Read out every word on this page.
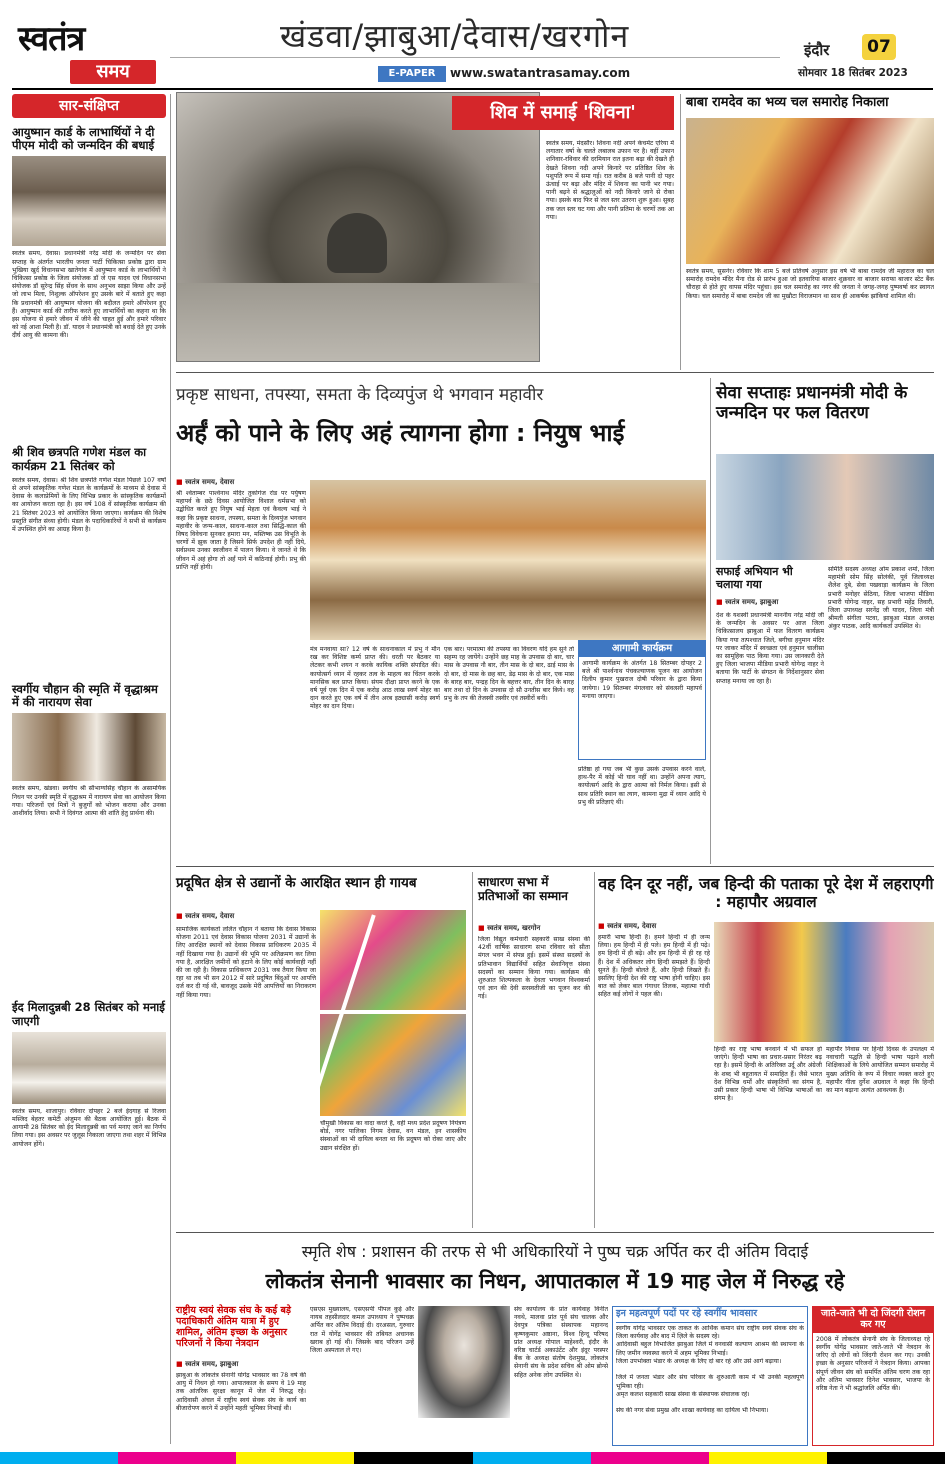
स्वतंत्र
समय
खंडवा/झाबुआ/देवास/खरगोन
E-PAPER	www.swatantrasamay.com
इंदौर	07
सोमवार 18 सितंबर 2023
सार-संक्षिप्त
आयुष्मान कार्ड के लाभार्थियों ने दी पीएम मोदी को जन्मदिन की बधाई
स्वतंत्र समय, देवास। प्रधानमंत्री नरेंद्र मोदी के जन्मदिन पर सेवा सप्ताह के अंतर्गत भारतीय जनता पार्टी चिकित्सा प्रकोष्ठ द्वारा ग्राम भुखिया खुर्द विधानसभा खातेगांव में आयुष्मान कार्ड के लाभार्थियों ने चिकित्सा प्रकोष्ठ के जिला संयोजक डॉ जे एस यादव एवं विधानसभा संयोजक डॉ सुरेन्द्र सिंह सेंधव के साथ अनुभव साझा किया और उन्हें जो लाभ मिला, निशुल्क ऑपरेशन हुए उसके बारे में बताते हुए कहा कि प्रधानमंत्री की आयुष्मान योजना की बदौलत हमारे ऑपरेशन हुए हैं। आयुष्मान कार्ड की तारीफ करते हुए लाभार्थियों का कहना था कि इस योजना से हमारे जीवन में जीने की चाहत हुई और हमारे परिवार को नई आशा मिली है। डॉ. यादव ने प्रधानमंत्री को बधाई देते हुए उनके दीर्घ आयु की कामना की।
श्री शिव छत्रपति गणेश मंडल का कार्यक्रम 21 सितंबर को
स्वतंत्र समय, देवास। श्री शिव छत्रपति गणेश मंडल पिछले 107 वर्षों से अपने सांस्कृतिक गणेश मंडल के कार्यक्रमों के माध्यम से देवास में देवास के कलाप्रेमियों के लिए विभिन्न प्रकार के सांस्कृतिक कार्यक्रमों का आयोजन करता रहा है। इस वर्ष 108 वें सांस्कृतिक कार्यक्रम की 21 सितंबर 2023 को आयोजित किया जाएगा। कार्यक्रम की विशेष प्रस्तुति संगीत संध्या होगी। मंडल के पदाधिकारियों ने सभी से कार्यक्रम में उपस्थित होने का आग्रह किया है।
स्वर्गीय चौहान की स्मृति में वृद्धाश्रम में की नारायण सेवा
स्वतंत्र समय, खंडवा। स्वर्गीय श्री सौभाग्यसिंह चौहान के असामयिक निधन पर उनकी स्मृति में वृद्धाश्रम में नारायण सेवा का आयोजन किया गया। परिजनों एवं मित्रों ने बुजुर्गों को भोजन कराया और उनका आशीर्वाद लिया। सभी ने दिवंगत आत्मा की शांति हेतु प्रार्थना की।
ईद मिलादुन्नबी 28 सितंबर को मनाई जाएगी
स्वतंत्र समय, शाजापुर। रविवार दोपहर 2 बजे ईदगाह से रिजवा मस्जिद बेहतर कमेटी अंजुमन की बैठक आयोजित हुई। बैठक में आगामी 28 सितंबर को ईद मिलादुन्नबी का पर्व मनाए जाने का निर्णय लिया गया। इस अवसर पर जुलूस निकाला जाएगा तथा शहर में विभिन्न आयोजन होंगे।
शिव में समाई 'शिवना'
स्वतंत्र समय, मंदसौर। शिवना नदी अपने केचमेंट एरिया में लगातार वर्षा के चलते लबालब उफान पर है। वहीं उफान शनिवार-रविवार की दरमियान रात इतना बढ़ा की देखते ही देखते शिवना नदी अपने किनारे पर प्रतिष्ठित शिव के पशुपति रूप में समा गई। रात करीब 8 बजे पानी दो पहर ऊंचाई पर बढ़ा और मंदिर में शिवना का पानी भर गया। पानी बढ़ने से श्रद्धालुओं को नदी किनारे जाने से रोका गया। इसके बाद फिर से जल स्तर उतरना शुरू हुआ। सुबह तक जल स्तर घट गया और पानी प्रतिमा के चरणों तक आ गया।
बाबा रामदेव का भव्य चल समारोह निकाला
स्वतंत्र समय, सुसनेर। रविवार कि शाम 5 बजे प्रतिवर्ष अनुसार इस वर्ष भी बाबा रामदेव जी महाराज का चल समारोह रामदेव मंदिर मैना रोड से प्रारंभ हुआ जो इतवारिया बाजार शुक्रवार वा बाजार सराफा बाजार स्टेट बैंक चौराहा से होते हुए वापस मंदिर पहुंचा। इस चल समारोह का नगर की जनता ने जगह-जगह पुष्पवर्षा कर स्वागत किया। चल समारोह में बाबा रामदेव जी का मुखौटा विराजमान था साथ ही आकर्षक झांकियां शामिल थी।
प्रकृष्ट साधना, तपस्या, समता के दिव्यपुंज थे भगवान महावीर
अर्हं को पाने के लिए अहं त्यागना होगा : नियुष भाई
■ स्वतंत्र समय, देवास
श्री श्वेताम्बर पार्श्वनाथ मंदिर तुकोगंज रोड पर पर्युषण महापर्व के छठे दिवस आयोजित विशाल धर्मसभा को उद्बोधित करते हुए नियुष भाई मेहता एवं कैवल्य भाई ने कहा कि प्रकृष्ट साधना, तपस्या, समता के दिव्यपुंज भगवान महावीर के जन्म-काल, साधना-काल तथा सिद्धि-काल की विषद विवेचना सुनकर हमारा मन, मस्तिष्क उस विभूति के चरणों में झुक जाता है जिसने सिर्फ उपदेश ही नहीं दिये, सर्वप्रथम उनका स्वजीवन में पालन किया। वे जानते थे कि जीवन में अहं होगा तो अर्हं पाने में कठिनाई होगी। प्रभु की प्राप्ति नहीं होगी।
मंत्र मनवाया सा? 12 वर्ष के साधनाकाल में प्रभु ने मौन रख कर विशिष्ट कर्म्य प्राप्त की। धरती पर बैठकर या लेटकर कभी शयन न करके कायिक शक्ति संपादित की। कायोत्सर्ग ध्यान में रहकर तत्व के माहत्य का चिंतन करके मानसिक बल प्राप्त किया। संयम दीक्षा प्राप्त करने के एक वर्ष पूर्व एक दिन में एक करोड़ आठ लाख स्वर्ण मोहर का दान करते हुए एक वर्ष में तीन अरब इठ्यासी करोड़ स्वर्ण मोहर का दान दिया।
एक बार। परमात्मा की तपस्या का विवरण यदि हम सुने तो सहम्य रह जायेंगे। उन्होंने छह माह के उपवास दो बार, चार मास के उपवास नौ बार, तीन मास के दो बार, ढाई मास के दो बार, दो मास के छह बार, डेढ़ मास के दो बार, एक मास के बारह बार, पन्द्रह दिन के बहत्तर बार, तीन दिन के बारह बार तथा दो दिन के उपवास दो सौ उनतीस बार किये। वह प्रभु के तप की तेजस्वी तस्वीर एवं तस्वीरों बनी।
आगामी कार्यक्रम
आगामी कार्यक्रम के अंतर्गत 18 सितम्बर दोपहर 2 बजे श्री पार्श्वनाथ पंचकल्याणक पूजन का आयोजन दिलीप कुमार पुखराज दोषी परिवार के द्वारा किया जायेगा। 19 सितम्बर मंगलवार को संवत्सरी महापर्व मनाया जाएगा।
प्रतिष्ठा हो गया जब भी कुछ उसके उपवास करने वाले, हाथ-पैर में कोई भी घाव नहीं था। उन्होंने अपना त्याग, कायोत्सर्ग आदि के द्वारा आत्मा को निर्मल किया। इसी से साथ प्रतिरि स्थान का त्याग, कामना मुद्रा में ध्यान आदि ये प्रभु की प्रतिज्ञाएं थी।
सेवा सप्ताहः प्रधानमंत्री मोदी के जन्मदिन पर फल वितरण
सफाई अभियान भी चलाया गया
■ स्वतंत्र समय, झाबुआ
देश के यशस्वी प्रधानमंत्री माननीय नरेंद्र मोदी जी के जन्मदिन के अवसर पर आज जिला चिकित्सालय झाबुआ में फल वितरण कार्यक्रम किया गया तत्पश्चात जिले, बगीचा हनुमान मंदिर पर जाकर मंदिर में स्वच्छता एवं हनुमान चालीसा का सामूहिक पाठ किया गया। उस जानकारी देते हुए जिला भाजपा मीडिया प्रभारी योगेन्द्र नाहर ने बताया कि पार्टी के संगठन के निर्देशानुसार सेवा सप्ताह मनाया जा रहा है।
समिति सदस्य अध्यक्ष ओम प्रकाश शर्मा, जिला महामंत्री सोम सिंह सोलंकी, पूर्व जिलाध्यक्ष शैलेश दुबे, सेवा पखवाड़ा कार्यक्रम के जिला प्रभारी मनोहर सेठिया, जिला भाजपा मीडिया प्रभारी योगेन्द्र नाहर, सह प्रभारी महेंद्र तिवारी, जिला उपाध्यक्ष सरनेंद्र जी यादव, जिला मंत्री श्रीमती संगीता पटवा, झाबुआ मंडल अध्यक्ष अंकुर पाठक, आदि कार्यकर्ता उपस्थित थे।
प्रदूषित क्षेत्र से उद्यानों के आरक्षित स्थान ही गायब
■ स्वतंत्र समय, देवास
सामाजिक कार्यकर्ता ललित चौहान ने बताया कि देवास विकास योजना 2011 एवं देवास विकास योजना 2031 में उद्यानों के लिए आरक्षित स्थानों को देवास विकास प्राधिकरण 2035 में नहीं दिखाया गया है। उद्यानों की भूमि पर अतिक्रमण कर लिया गया है, आरक्षित जमीनों को हटाने के लिए कोई कार्यवाही नहीं की जा रही है। विकास प्राधिकरण 2031 जब तैयार किया जा रहा था तब भी सन 2012 में सारे प्रदूषित बिंदुओं पर आपत्ति दर्ज कर दी गई थी, बावजूद उसके मेरी आपत्तियों का निराकरण नहीं किया गया।
चौमुखी विकास का वादा करते हैं, वहीं मध्य प्रदेश प्रदूषण नियंत्रण बोर्ड, नगर पालिका निगम देवास, वन मंडल, इन शासकीय संस्थाओं का भी दायित्व बनता था कि प्रदूषण को रोका जाए और उद्यान संरक्षित हों।
साधारण सभा में प्रतिभाओं का सम्मान
■ स्वतंत्र समय, खरगोन
जिला विद्युत कर्मचारी सहकारी साख संस्था की 42वीं वार्षिक साधारण सभा रविवार को सीता मंगल भवन में संपन्न हुई। इसमें संस्था सदस्यों के प्रतिभावान विद्यार्थियों सहित सेवानिवृत्त संस्था सदस्यों का सम्मान किया गया। कार्यक्रम की शुरुआत शिल्पकला के देवता भगवान विश्वकर्मा एवं ज्ञान की देवी सरस्वतीजी का पूजन कर की गई।
वह दिन दूर नहीं, जब हिन्दी की पताका पूरे देश में लहराएगी : महापौर अग्रवाल
■ स्वतंत्र समय, देवास
हमारी भाषा हिन्दी है। हमने हिन्दी में ही जन्म लिया। हम हिन्दी में ही पले। हम हिन्दी में ही पढ़े। हम हिन्दी में ही बढ़े। और हम हिन्दी में ही रह रहे हैं। देश में अधिकतर लोग हिन्दी समझते हैं। हिन्दी सुनते हैं। हिन्दी बोलते हैं, और हिन्दी लिखते हैं। इसलिए हिन्दी देश की राष्ट्र भाषा होनी चाहिए। इस बात को लेकर बाल गंगाधर तिलक, महात्मा गांधी सहित कई लोगों ने पहल की।
हिन्दी का राष्ट्र भाषा बनवाने में भी सफल हो जाएंगे। हिन्दी भाषा का प्रचार-प्रसार निरंतर बढ़ रहा है। इसमें हिन्दी के अतिरिक्त उर्दू और अंग्रेजी के शब्द भी बहुतायत में समाहित हैं। जैसे भारत देश विभिन्न धर्मों और संस्कृतियों का संगम है, उसी प्रकार हिन्दी भाषा भी विभिन्न भाषाओं का संगम है।
महापौर निवास पर हिन्दी दिवस के उपलक्ष्य में नवाचारी पद्धति से हिन्दी भाषा पढ़ाने वाली शिक्षिकाओं के लिये आयोजित सम्मान समारोह में मुख्य अतिथि के रूप में विचार व्यक्त करते हुए महापौर गीता दुर्गेश अग्रवाल ने कहा कि हिन्दी का मान बढ़ाना अत्यंत आवश्यक है।
स्मृति शेष : प्रशासन की तरफ से भी अधिकारियों ने पुष्प चक्र अर्पित कर दी अंतिम विदाई
लोकतंत्र सेनानी भावसार का निधन, आपातकाल में 19 माह जेल में निरुद्ध रहे
राष्ट्रीय स्वयं सेवक संघ के कई बड़े पदाधिकारी अंतिम यात्रा में हुए शामिल, अंतिम इच्छा के अनुसार परिजनों ने किया नेत्रदान
■ स्वतंत्र समय, झाबुआ
झाबुआ के लोकतंत्र सेनानी योगेंद्र भावसार का 78 वर्ष की आयु में निधन हो गया। आपातकाल के समय वे 19 माह तक आंतरिक सुरक्षा कानून में जेल में निरुद्ध रहे। आदिवासी अंचल में राष्ट्रीय स्वयं सेवक संघ के कार्य का बीजारोपण करने में उन्होंने महती भूमिका निभाई थी।
एसएस मुख्यालय, एसएसपी पीपल कुई और नायब तहसीलदार कमल उपाध्याय ने पुष्पचक्र अर्पित कर अंतिम विदाई दी। दरअसल, गुरुवार रात में योगेंद्र भावसार की तबियत अचानक खराब हो गई थी। जिसके बाद परिजन उन्हें जिला अस्पताल ले गए।
संघ कार्यालय के प्रांत कार्यवाह विनीत नवथे, मालवा प्रांत पूर्व संघ चालक और देवपुत्र पत्रिका संस्थापक महानन्द कृष्णकुमार अष्ठाना, विश्व हिन्दू परिषद प्रांत अध्यक्ष गोपाल माहेश्वरी, इंदौर के वरिष्ठ चार्टर्ड अकाउंटेंट और इंदूर परस्पर बैंक के अध्यक्ष संतोष देशमुख, लोकतंत्र सेनानी संघ के प्रदेश सचिव श्री ओम ब्रोन्से सहित अनेक लोग उपस्थित थे।
इन महत्वपूर्ण पदों पर रहे स्वर्गीय भावसार
स्वर्गीय योगेंद्र भावसार एक ताकत के आर्थिक कमान संघ राष्ट्रीय स्वयं सेवक संघ के जिला कार्यवाह और बाद में ज़िले के सदस्य रहे।
आदिवासी बहुल विभाजित झाबुआ जिले में वनवासी कल्याण आश्रम की स्थापना के लिए जमीन व्यवस्था करने में अहम भूमिका निभाई।
जिला उपभोक्ता भंडार के अध्यक्ष के लिए दो बार रहे और उसे आगे बढ़ाया।
जिले में जनता भंडार और संघ परिवार के शुरुआती काम में भी उनकी महत्वपूर्ण भूमिका रही।
अमृत कलश सहकारी साख संस्था के संस्थापक संचालक रहे।
संघ की नगर सेवा प्रमुख और शाखा कार्यवाह का दायित्व भी निभाया।
जाते-जाते भी दो जिंदगी रोशन कर गए
2008 में लोकतंत्र सेनानी संघ के जिलाध्यक्ष रहे स्वर्गीय योगेंद्र भावसार जाते-जाते भी नेत्रदान के जरिए दो लोगों को जिंदगी रोशन कर गए। उनकी इच्छा के अनुसार परिजनों ने नेत्रदान किया। आपका संपूर्ण जीवन संघ को समर्पित अंतिम चरण तक रहा और अंतिम भावसार दिनेश भावसार, भाजपा के वरिष्ठ नेता ने भी श्रद्धांजलि अर्पित की।
